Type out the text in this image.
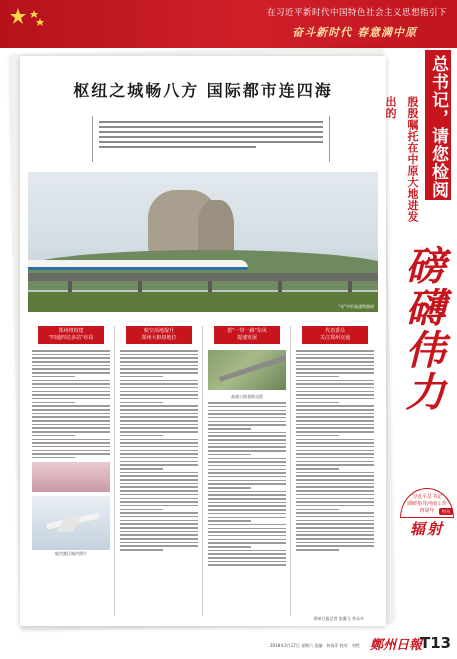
在习近平新时代中国特色社会主义思想指引下
奋斗新时代 春意满中原
枢纽之城畅八方 国际都市连四海
"米"字形高速铁路网
郑州将构建
"四通四达多站"布局
航空港区城市照片
航空高地提升
郑州大枢纽地位
搭"一带一路"东风
提速发展
高速公路金路交错
代表委员
关注郑州交通
郑州日报记者 张翼飞 李永多
总书记，请您检阅
殷殷嘱托在中原大地进发出的
磅礴伟力
习近平总书记
调研指导河南工作
四周年	特刊
辐射
2018年3月17日 星期六 责编：何春萍 校对：刘然 鄭州日報
T13
